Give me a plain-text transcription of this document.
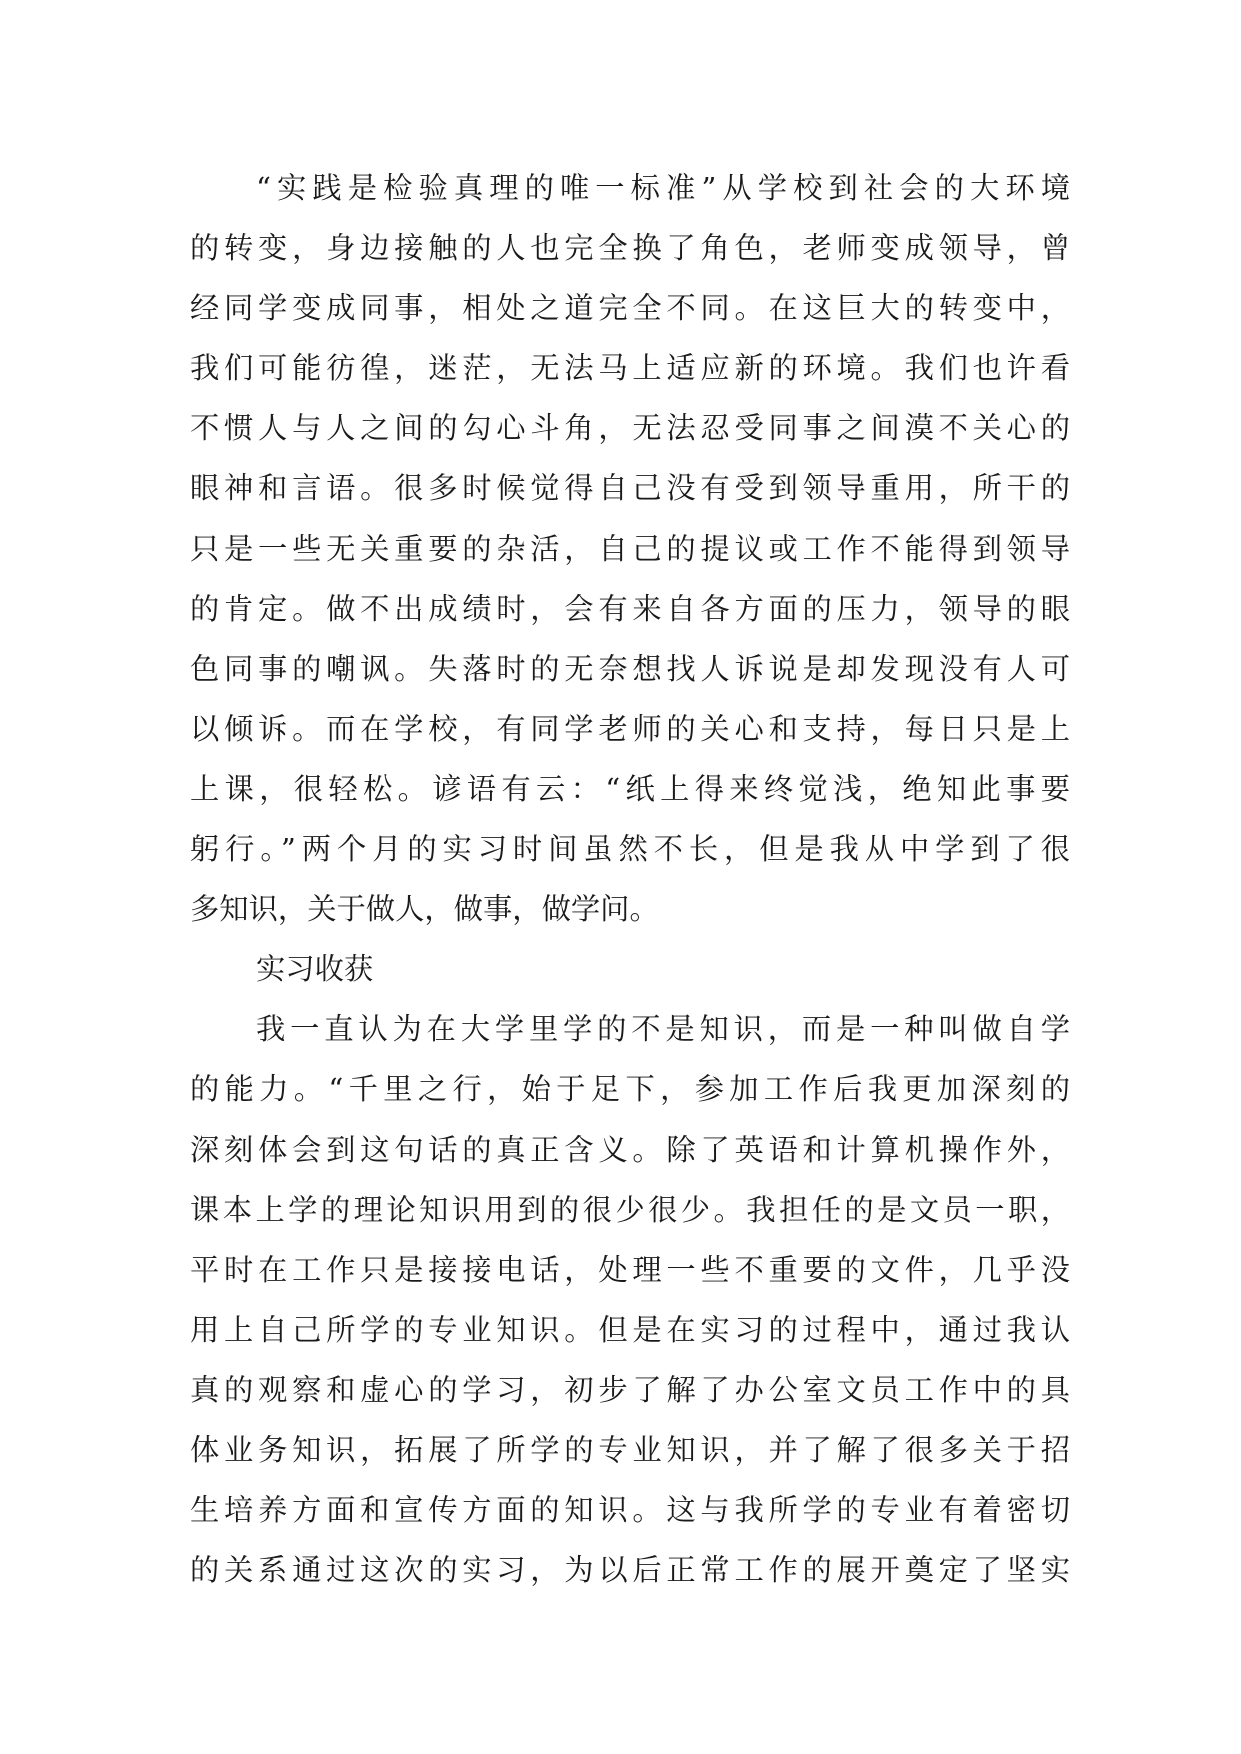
“实践是检验真理的唯一标准”从学校到社会的大环境
的转变，身边接触的人也完全换了角色，老师变成领导，曾
经同学变成同事，相处之道完全不同。在这巨大的转变中，
我们可能彷徨，迷茫，无法马上适应新的环境。我们也许看
不惯人与人之间的勾心斗角，无法忍受同事之间漠不关心的
眼神和言语。很多时候觉得自己没有受到领导重用，所干的
只是一些无关重要的杂活，自己的提议或工作不能得到领导
的肯定。做不出成绩时，会有来自各方面的压力，领导的眼
色同事的嘲讽。失落时的无奈想找人诉说是却发现没有人可
以倾诉。而在学校，有同学老师的关心和支持，每日只是上
上课，很轻松。谚语有云：“纸上得来终觉浅，绝知此事要
躬行。”两个月的实习时间虽然不长，但是我从中学到了很
多知识，关于做人，做事，做学问。
实习收获
我一直认为在大学里学的不是知识，而是一种叫做自学
的能力。“千里之行，始于足下，参加工作后我更加深刻的
深刻体会到这句话的真正含义。除了英语和计算机操作外，
课本上学的理论知识用到的很少很少。我担任的是文员一职，
平时在工作只是接接电话，处理一些不重要的文件，几乎没
用上自己所学的专业知识。但是在实习的过程中，通过我认
真的观察和虚心的学习，初步了解了办公室文员工作中的具
体业务知识，拓展了所学的专业知识，并了解了很多关于招
生培养方面和宣传方面的知识。这与我所学的专业有着密切
的关系通过这次的实习，为以后正常工作的展开奠定了坚实
